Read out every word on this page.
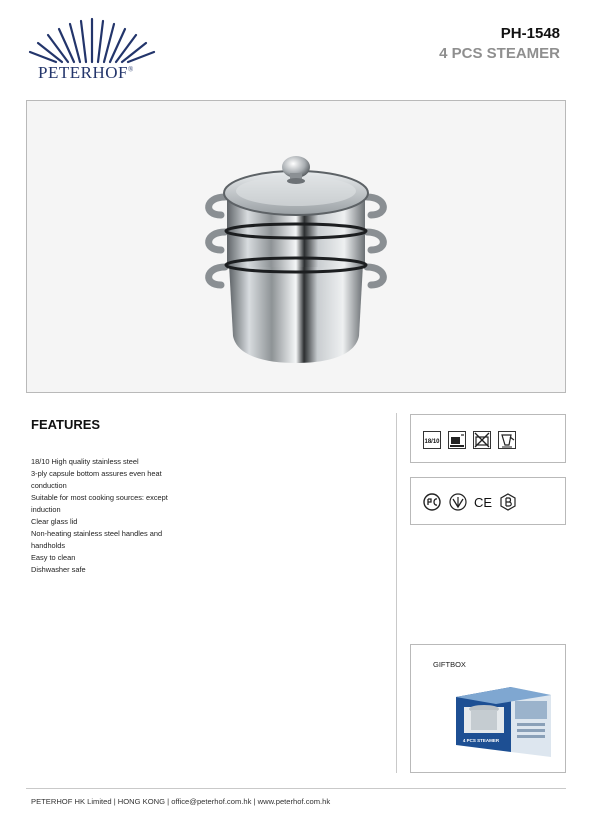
PETERHOF®
PH-1548
4 PCS STEAMER
FEATURES
18/10 High quality stainless steel
3-ply capsule bottom assures even heat
conduction
Suitable for most cooking sources: except
induction
Clear glass lid
Non-heating stainless steel handles and
handholds
Easy to clean
Dishwasher safe
18/10
CE
GIFTBOX
4 PCS STEAMER
PETERHOF HK Limited | HONG KONG | office@peterhof.com.hk | www.peterhof.com.hk
